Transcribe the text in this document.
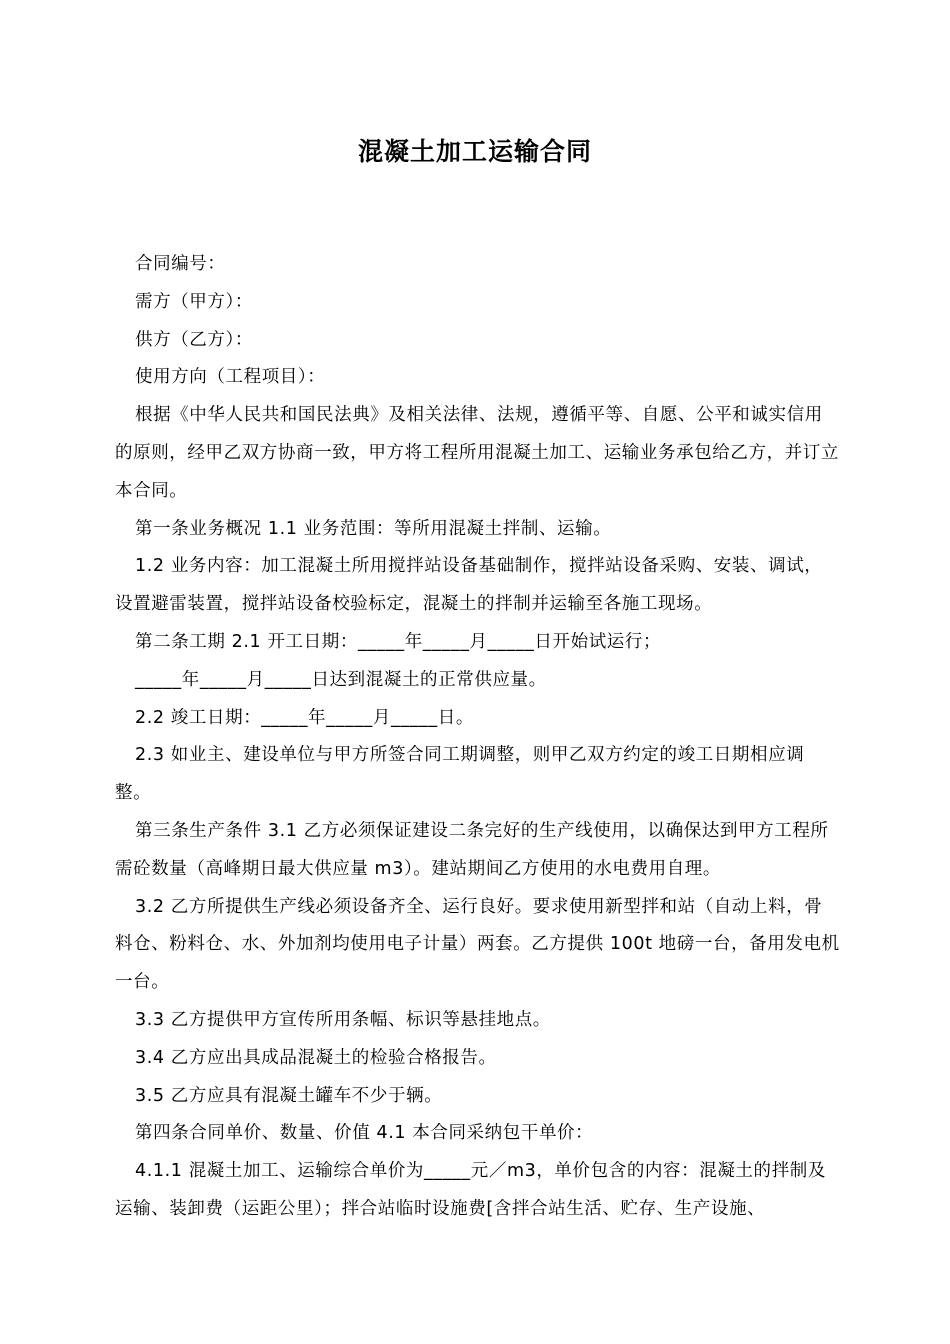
混凝土加工运输合同

合同编号：

需方（甲方）：

供方（乙方）：

使用方向（工程项目）：

根据《中华人民共和国民法典》及相关法律、法规，遵循平等、自愿、公平和诚实信用的原则，经甲乙双方协商一致，甲方将工程所用混凝土加工、运输业务承包给乙方，并订立本合同。

第一条业务概况 1.1 业务范围：等所用混凝土拌制、运输。

1.2 业务内容：加工混凝土所用搅拌站设备基础制作，搅拌站设备采购、安装、调试，设置避雷装置，搅拌站设备校验标定，混凝土的拌制并运输至各施工现场。

第二条工期 2.1 开工日期：_____年_____月_____日开始试运行；

_____年_____月_____日达到混凝土的正常供应量。

2.2 竣工日期：_____年_____月_____日。

2.3 如业主、建设单位与甲方所签合同工期调整，则甲乙双方约定的竣工日期相应调整。

第三条生产条件 3.1 乙方必须保证建设二条完好的生产线使用，以确保达到甲方工程所需砼数量（高峰期日最大供应量 m3）。建站期间乙方使用的水电费用自理。

3.2 乙方所提供生产线必须设备齐全、运行良好。要求使用新型拌和站（自动上料，骨料仓、粉料仓、水、外加剂均使用电子计量）两套。乙方提供 100t 地磅一台，备用发电机一台。

3.3 乙方提供甲方宣传所用条幅、标识等悬挂地点。

3.4 乙方应出具成品混凝土的检验合格报告。

3.5 乙方应具有混凝土罐车不少于辆。

第四条合同单价、数量、价值 4.1 本合同采纳包干单价：

4.1.1 混凝土加工、运输综合单价为_____元／m3，单价包含的内容：混凝土的拌制及运输、装卸费（运距公里）；拌合站临时设施费[含拌合站生活、贮存、生产设施、
